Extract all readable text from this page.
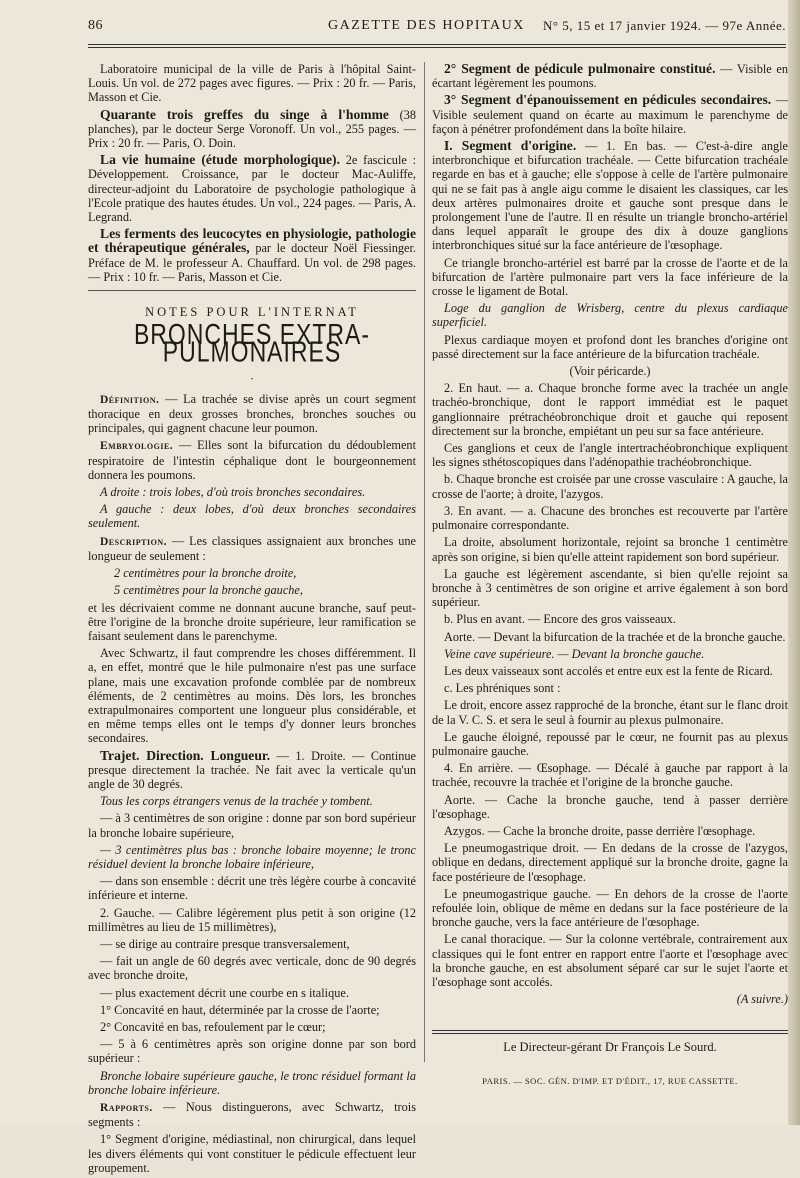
86	GAZETTE DES HOPITAUX N° 5, 15 et 17 janvier 1924. — 97e Année.

Laboratoire municipal de la ville de Paris à l'hôpital Saint-Louis. Un vol. de 272 pages avec figures. — Prix : 20 fr. — Paris, Masson et Cie.

Quarante trois greffes du singe à l'homme (38 planches), par le docteur Serge Voronoff. Un vol., 255 pages. — Prix : 20 fr. — Paris, O. Doin.

La vie humaine (étude morphologique). 2e fascicule : Développement. Croissance, par le docteur Mac-Auliffe, directeur-adjoint du Laboratoire de psychologie pathologique à l'Ecole pratique des hautes études. Un vol., 224 pages. — Paris, A. Legrand.

Les ferments des leucocytes en physiologie, pathologie et thérapeutique générales, par le docteur Noël Fiessinger. Préface de M. le professeur A. Chauffard. Un vol. de 298 pages. — Prix : 10 fr. — Paris, Masson et Cie.

NOTES POUR L'INTERNAT
BRONCHES EXTRA-PULMONAIRES
·

Définition. — La trachée se divise après un court segment thoracique en deux grosses bronches, bronches souches ou principales, qui gagnent chacune leur poumon.

Embryologie. — Elles sont la bifurcation du dédoublement respiratoire de l'intestin céphalique dont le bourgeonnement donnera les poumons.

A droite : trois lobes, d'où trois bronches secondaires.

A gauche : deux lobes, d'où deux bronches secondaires seulement.

Description. — Les classiques assignaient aux bronches une longueur de seulement :

2 centimètres pour la bronche droite,

5 centimètres pour la bronche gauche,

et les décrivaient comme ne donnant aucune branche, sauf peut-être l'origine de la bronche droite supérieure, leur ramification se faisant seulement dans le parenchyme.

Avec Schwartz, il faut comprendre les choses différemment. Il a, en effet, montré que le hile pulmonaire n'est pas une surface plane, mais une excavation profonde comblée par de nombreux éléments, de 2 centimètres au moins. Dès lors, les bronches extrapulmonaires comportent une longueur plus considérable, et en même temps elles ont le temps d'y donner leurs bronches secondaires.

Trajet. Direction. Longueur. — 1. Droite. — Continue presque directement la trachée. Ne fait avec la verticale qu'un angle de 30 degrés.

Tous les corps étrangers venus de la trachée y tombent.

— à 3 centimètres de son origine : donne par son bord supérieur la bronche lobaire supérieure,

— 3 centimètres plus bas : bronche lobaire moyenne; le tronc résiduel devient la bronche lobaire inférieure,

— dans son ensemble : décrit une très légère courbe à concavité inférieure et interne.

2. Gauche. — Calibre légèrement plus petit à son origine (12 millimètres au lieu de 15 millimètres),

— se dirige au contraire presque transversalement,

— fait un angle de 60 degrés avec verticale, donc de 90 degrés avec bronche droite,

— plus exactement décrit une courbe en s italique.

1° Concavité en haut, déterminée par la crosse de l'aorte;

2° Concavité en bas, refoulement par le cœur;

— 5 à 6 centimètres après son origine donne par son bord supérieur :

Bronche lobaire supérieure gauche, le tronc résiduel formant la bronche lobaire inférieure.

Rapports. — Nous distinguerons, avec Schwartz, trois segments :

1° Segment d'origine, médiastinal, non chirurgical, dans lequel les divers éléments qui vont constituer le pédicule effectuent leur groupement.

2° Segment de pédicule pulmonaire constitué. — Visible en écartant légèrement les poumons.

3° Segment d'épanouissement en pédicules secondaires. — Visible seulement quand on écarte au maximum le parenchyme de façon à pénétrer profondément dans la boîte hilaire.

I. Segment d'origine. — 1. En bas. — C'est-à-dire angle interbronchique et bifurcation trachéale. — Cette bifurcation trachéale regarde en bas et à gauche; elle s'oppose à celle de l'artère pulmonaire qui ne se fait pas à angle aigu comme le disaient les classiques, car les deux artères pulmonaires droite et gauche sont presque dans le prolongement l'une de l'autre. Il en résulte un triangle broncho-artériel dans lequel apparaît le groupe des dix à douze ganglions interbronchiques situé sur la face antérieure de l'œsophage.

Ce triangle broncho-artériel est barré par la crosse de l'aorte et de la bifurcation de l'artère pulmonaire part vers la face inférieure de la crosse le ligament de Botal.

Loge du ganglion de Wrisberg, centre du plexus cardiaque superficiel.

Plexus cardiaque moyen et profond dont les branches d'origine ont passé directement sur la face antérieure de la bifurcation trachéale.

(Voir péricarde.)

2. En haut. — a. Chaque bronche forme avec la trachée un angle trachéo-bronchique, dont le rapport immédiat est le paquet ganglionnaire prétrachéobronchique droit et gauche qui reposent directement sur la bronche, empiétant un peu sur sa face antérieure.

Ces ganglions et ceux de l'angle intertrachéobronchique expliquent les signes sthétoscopiques dans l'adénopathie trachéobronchique.

b. Chaque bronche est croisée par une crosse vasculaire : A gauche, la crosse de l'aorte; à droite, l'azygos.

3. En avant. — a. Chacune des bronches est recouverte par l'artère pulmonaire correspondante.

La droite, absolument horizontale, rejoint sa bronche 1 centimètre après son origine, si bien qu'elle atteint rapidement son bord supérieur.

La gauche est légèrement ascendante, si bien qu'elle rejoint sa bronche à 3 centimètres de son origine et arrive également à son bord supérieur.

b. Plus en avant. — Encore des gros vaisseaux.

Aorte. — Devant la bifurcation de la trachée et de la bronche gauche.

Veine cave supérieure. — Devant la bronche gauche.

Les deux vaisseaux sont accolés et entre eux est la fente de Ricard.

c. Les phréniques sont :

Le droit, encore assez rapproché de la bronche, étant sur le flanc droit de la V. C. S. et sera le seul à fournir au plexus pulmonaire.

Le gauche éloigné, repoussé par le cœur, ne fournit pas au plexus pulmonaire gauche.

4. En arrière. — Œsophage. — Décalé à gauche par rapport à la trachée, recouvre la trachée et l'origine de la bronche gauche.

Aorte. — Cache la bronche gauche, tend à passer derrière l'œsophage.

Azygos. — Cache la bronche droite, passe derrière l'œsophage.

Le pneumogastrique droit. — En dedans de la crosse de l'azygos, oblique en dedans, directement appliqué sur la bronche droite, gagne la face postérieure de l'œsophage.

Le pneumogastrique gauche. — En dehors de la crosse de l'aorte refoulée loin, oblique de même en dedans sur la face postérieure de la bronche gauche, vers la face antérieure de l'œsophage.

Le canal thoracique. — Sur la colonne vertébrale, contrairement aux classiques qui le font entrer en rapport entre l'aorte et l'œsophage avec la bronche gauche, en est absolument séparé car sur le sujet l'aorte et l'œsophage sont accolés.

(A suivre.)

Le Directeur-gérant Dr François Le Sourd.
PARIS. — SOC. GÉN. D'IMP. ET D'ÉDIT., 17, RUE CASSETTE.
